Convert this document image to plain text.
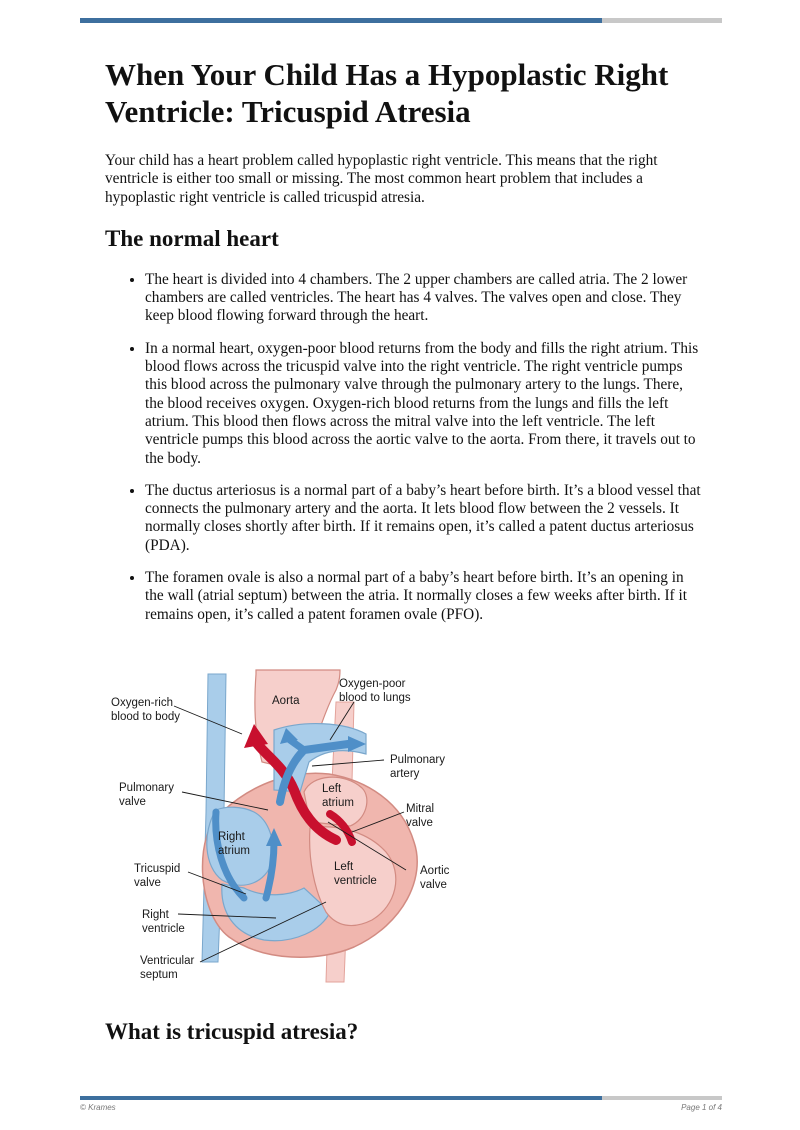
When Your Child Has a Hypoplastic Right Ventricle: Tricuspid Atresia

Your child has a heart problem called hypoplastic right ventricle. This means that the right ventricle is either too small or missing. The most common heart problem that includes a hypoplastic right ventricle is called tricuspid atresia.

The normal heart
• The heart is divided into 4 chambers. The 2 upper chambers are called atria. The 2 lower chambers are called ventricles. The heart has 4 valves. The valves open and close. They keep blood flowing forward through the heart.
• In a normal heart, oxygen-poor blood returns from the body and fills the right atrium. This blood flows across the tricuspid valve into the right ventricle. The right ventricle pumps this blood across the pulmonary valve through the pulmonary artery to the lungs. There, the blood receives oxygen. Oxygen-rich blood returns from the lungs and fills the left atrium. This blood then flows across the mitral valve into the left ventricle. The left ventricle pumps this blood across the aortic valve to the aorta. From there, it travels out to the body.
• The ductus arteriosus is a normal part of a baby’s heart before birth. It’s a blood vessel that connects the pulmonary artery and the aorta. It lets blood flow between the 2 vessels. It normally closes shortly after birth. If it remains open, it’s called a patent ductus arteriosus (PDA).
• The foramen ovale is also a normal part of a baby’s heart before birth. It’s an opening in the wall (atrial septum) between the atria. It normally closes a few weeks after birth. If it remains open, it’s called a patent foramen ovale (PFO).
Oxygen-rich blood to body
Aorta
Oxygen-poor blood to lungs
Pulmonary artery
Pulmonary valve
Left atrium	Mitral valve
Right atrium
Tricuspid valve
Left ventricle
Aortic valve
Right ventricle
Ventricular septum
What is tricuspid atresia?
© Krames	Page 1 of 4
